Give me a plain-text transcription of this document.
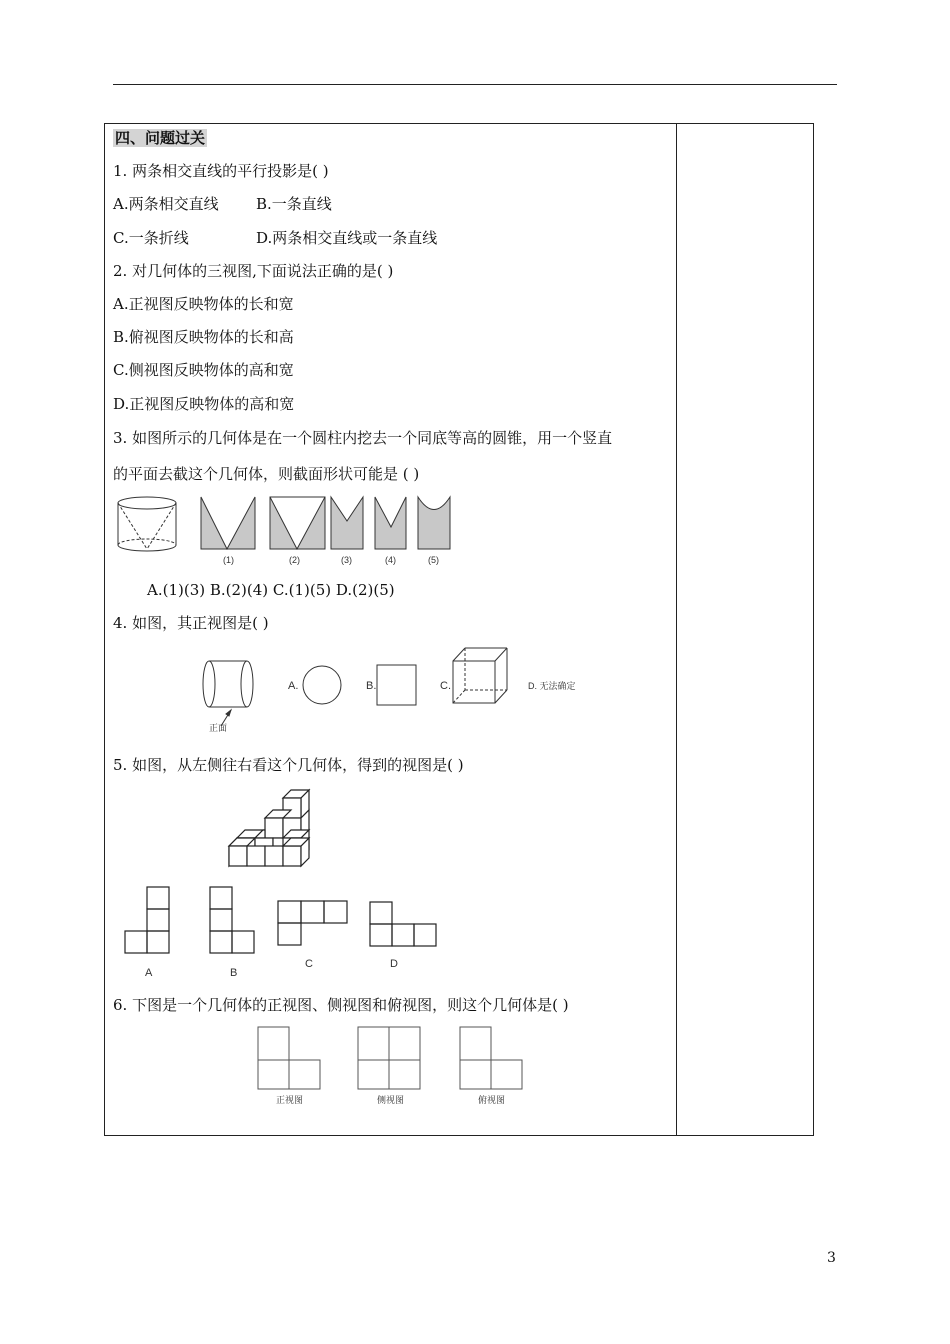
四、问题过关
1. 两条相交直线的平行投影是( )
A.两条相交直线 B.一条直线
C.一条折线	D.两条相交直线或一条直线
2. 对几何体的三视图,下面说法正确的是( )
A.正视图反映物体的长和宽
B.俯视图反映物体的长和高
C.侧视图反映物体的高和宽
D.正视图反映物体的高和宽
3. 如图所示的几何体是在一个圆柱内挖去一个同底等高的圆锥，用一个竖直
的平面去截这个几何体，则截面形状可能是 ( )
A.(1)(3) B.(2)(4) C.(1)(5) D.(2)(5)
4. 如图，其正视图是( )
5. 如图，从左侧往右看这个几何体，得到的视图是( )
6. 下图是一个几何体的正视图、侧视图和俯视图，则这个几何体是( )
(1)	(2)	(3)	(4)	(5)
正面
A.	B.	C.	D. 无法确定
A	B
C	D
正视图	侧视图	俯视图
3
